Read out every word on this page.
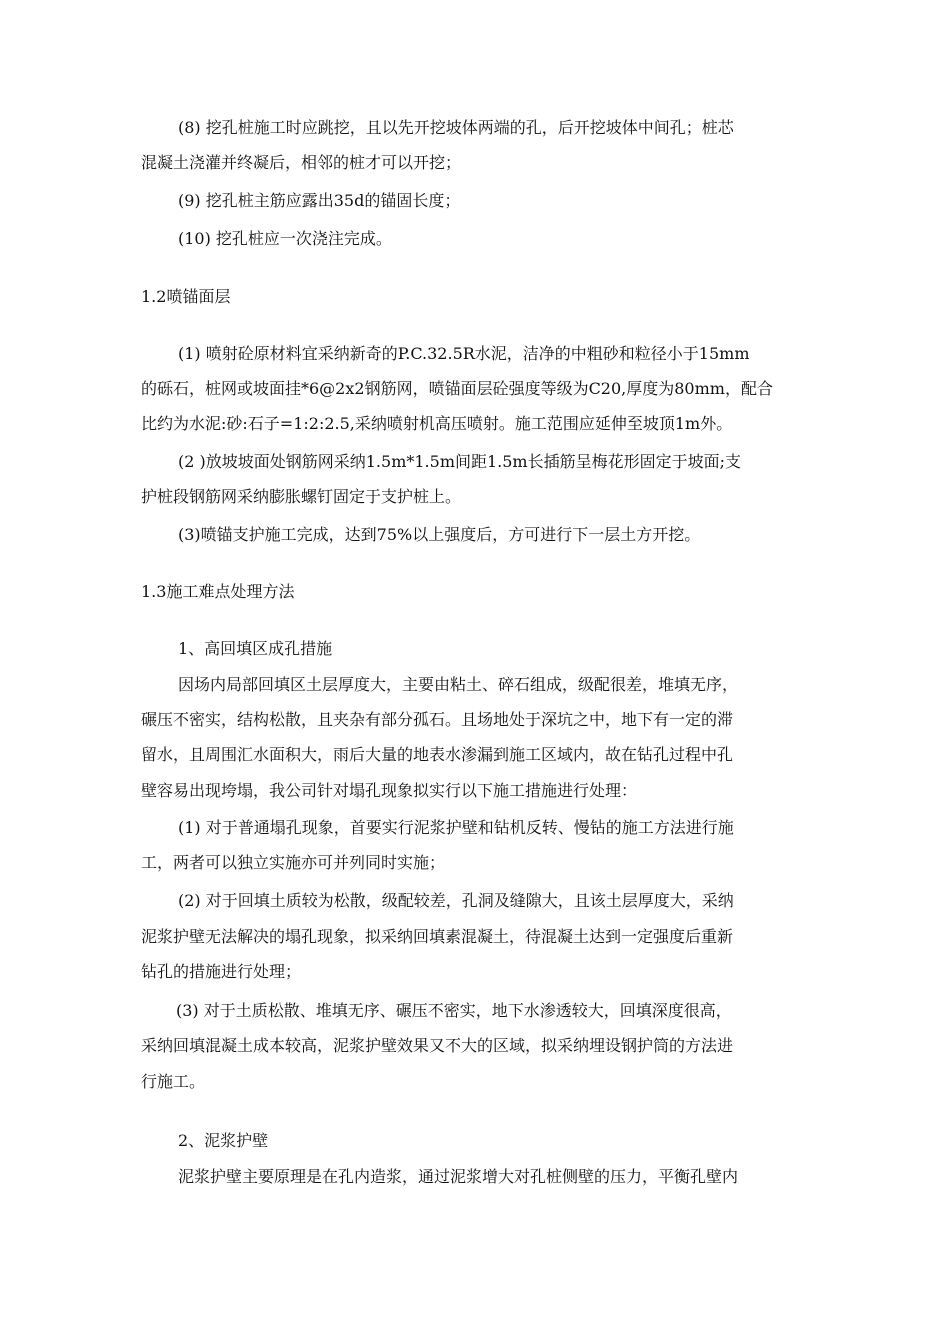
(8) 挖孔桩施工时应跳挖，且以先开挖坡体两端的孔，后开挖坡体中间孔；桩芯
混凝土浇灌并终凝后，相邻的桩才可以开挖；
(9) 挖孔桩主筋应露出35d的锚固长度；
(10) 挖孔桩应一次浇注完成。
1.2喷锚面层
(1) 喷射砼原材料宜采纳新奇的P.C.32.5R水泥，洁净的中粗砂和粒径小于15mm
的砾石，桩网或坡面挂*6@2x2钢筋网，喷锚面层砼强度等级为C20,厚度为80mm，配合
比约为水泥:砂:石子=1:2:2.5,采纳喷射机高压喷射。施工范围应延伸至坡顶1m外。
(2 )放坡坡面处钢筋网采纳1.5m*1.5m间距1.5m长插筋呈梅花形固定于坡面;支
护桩段钢筋网采纳膨胀螺钉固定于支护桩上。
(3)喷锚支护施工完成，达到75%以上强度后，方可进行下一层土方开挖。
1.3施工难点处理方法
1、高回填区成孔措施
因场内局部回填区土层厚度大，主要由粘土、碎石组成，级配很差，堆填无序，
碾压不密实，结构松散，且夹杂有部分孤石。且场地处于深坑之中，地下有一定的滞
留水，且周围汇水面积大，雨后大量的地表水渗漏到施工区域内，故在钻孔过程中孔
壁容易出现垮塌，我公司针对塌孔现象拟实行以下施工措施进行处理：
(1) 对于普通塌孔现象，首要实行泥浆护壁和钻机反转、慢钻的施工方法进行施
工，两者可以独立实施亦可并列同时实施；
(2) 对于回填土质较为松散，级配较差，孔洞及缝隙大，且该土层厚度大，采纳
泥浆护壁无法解决的塌孔现象，拟采纳回填素混凝土，待混凝土达到一定强度后重新
钻孔的措施进行处理；
(3) 对于土质松散、堆填无序、碾压不密实，地下水渗透较大，回填深度很高，
采纳回填混凝土成本较高，泥浆护壁效果又不大的区域，拟采纳埋设钢护筒的方法进
行施工。
2、泥浆护壁
泥浆护壁主要原理是在孔内造浆，通过泥浆增大对孔桩侧壁的压力，平衡孔壁内
